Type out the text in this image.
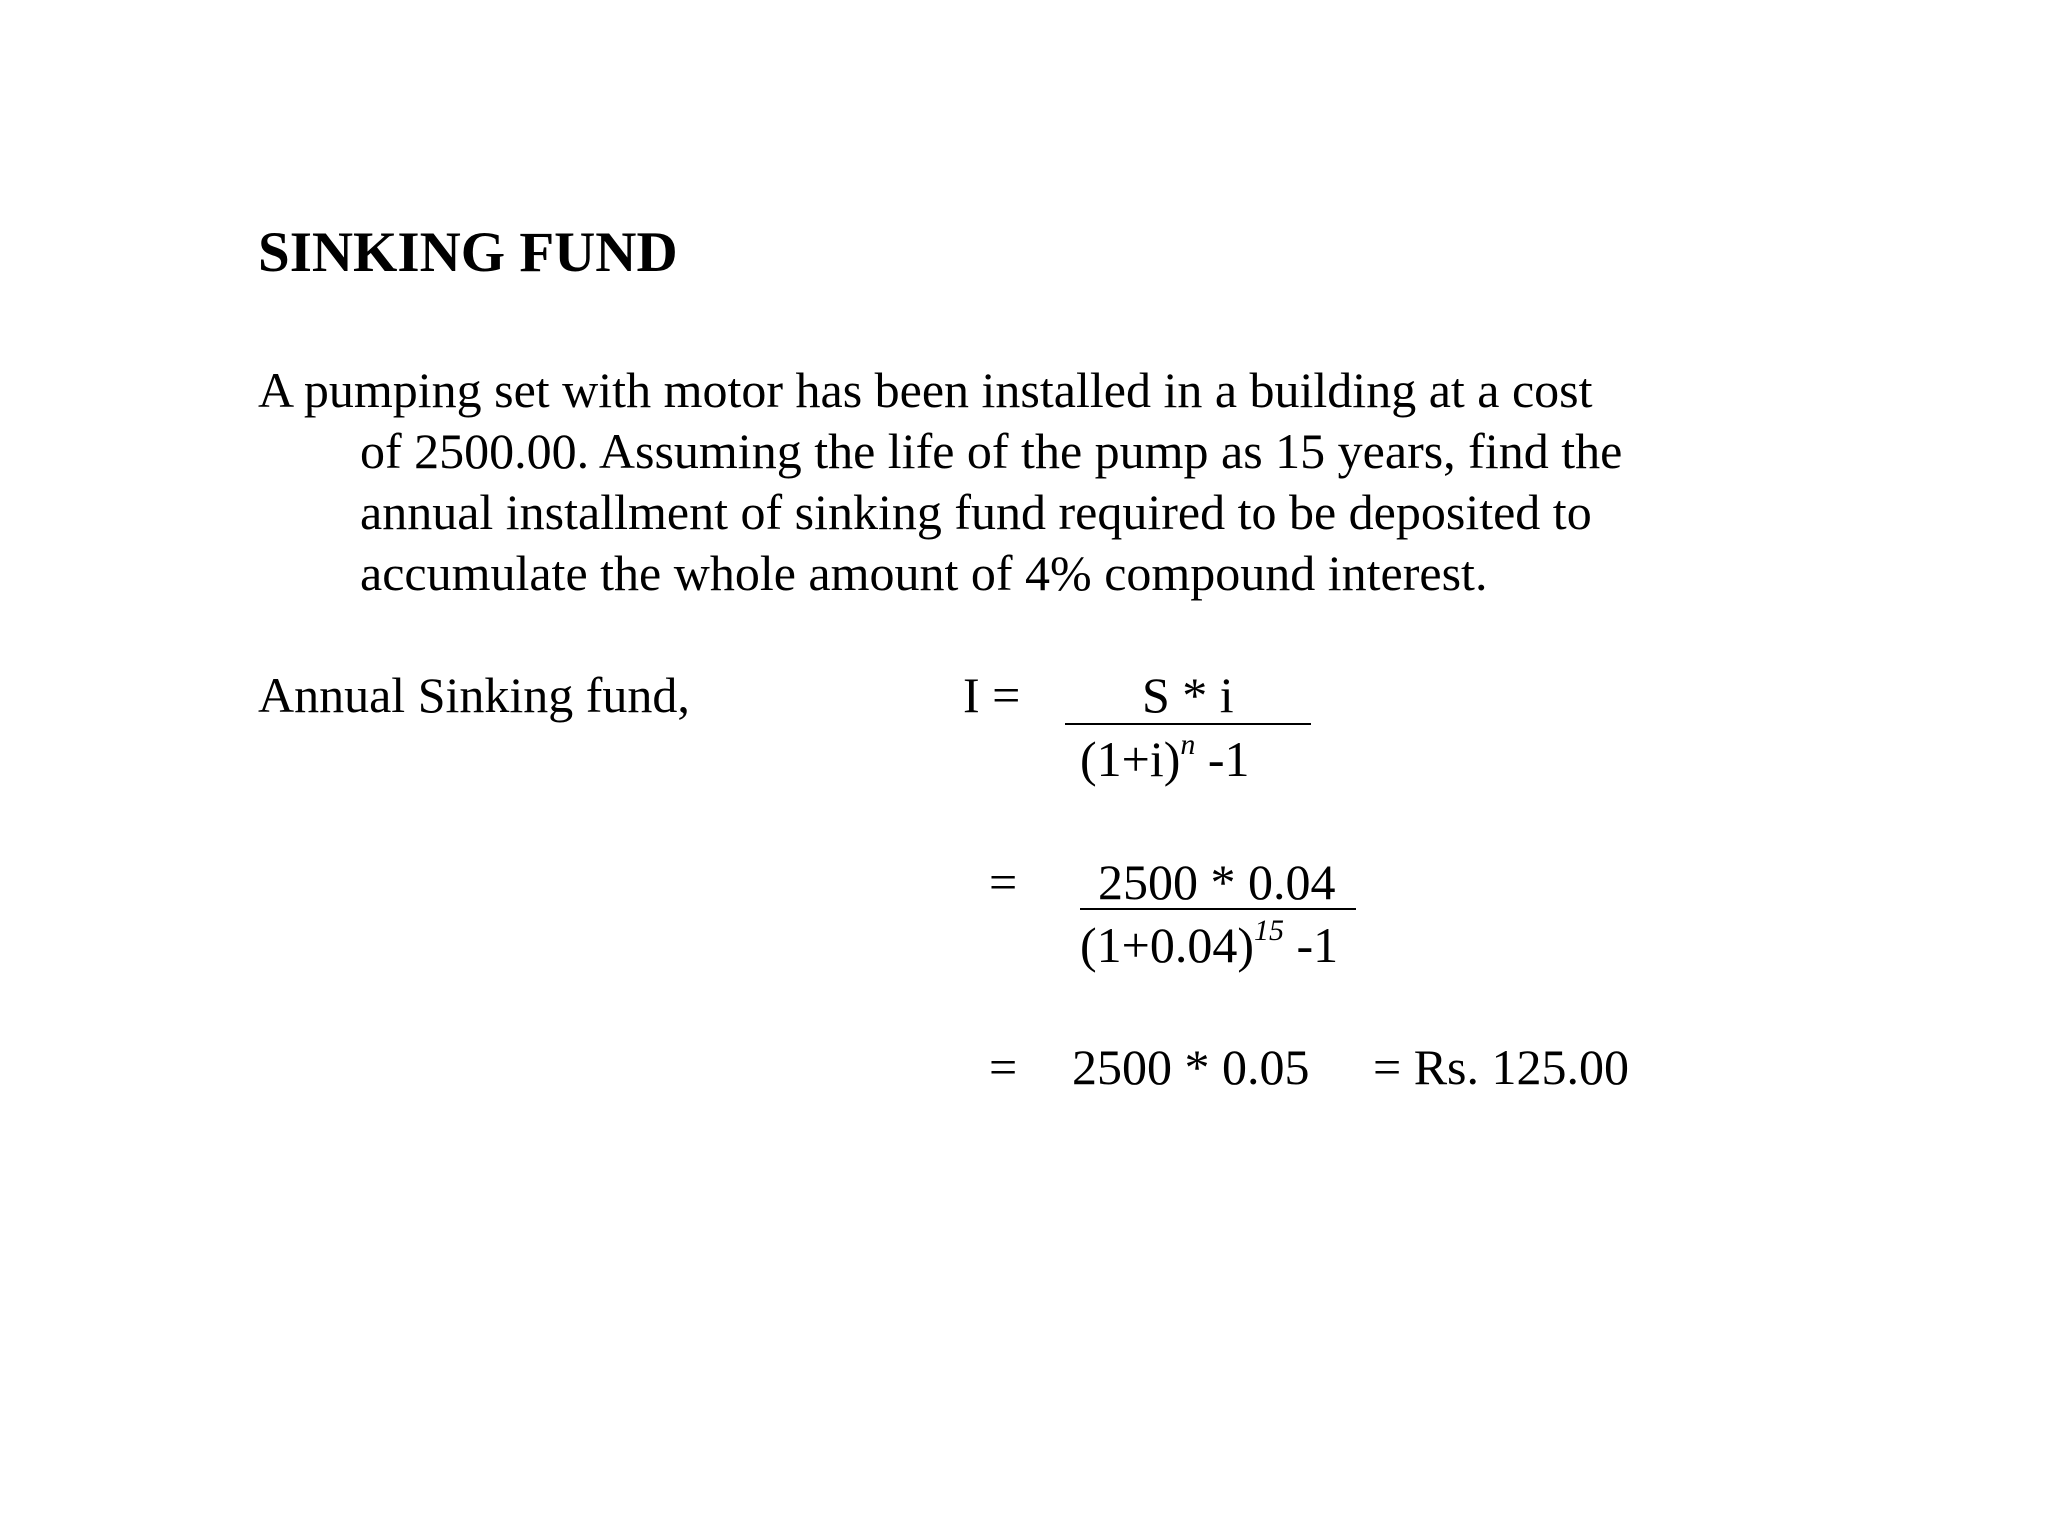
SINKING FUND
A pumping set with motor has been installed in a building at a cost
of 2500.00. Assuming the life of the pump as 15 years, find the
annual installment of sinking fund required to be deposited to
accumulate the whole amount of 4% compound interest.
Annual Sinking fund,	I = S * i
$(1+i)^n$ -1
= 2500 * 0.04
$(1+0.04)^{15}$ -1
= 2500 * 0.05 = Rs. 125.00
